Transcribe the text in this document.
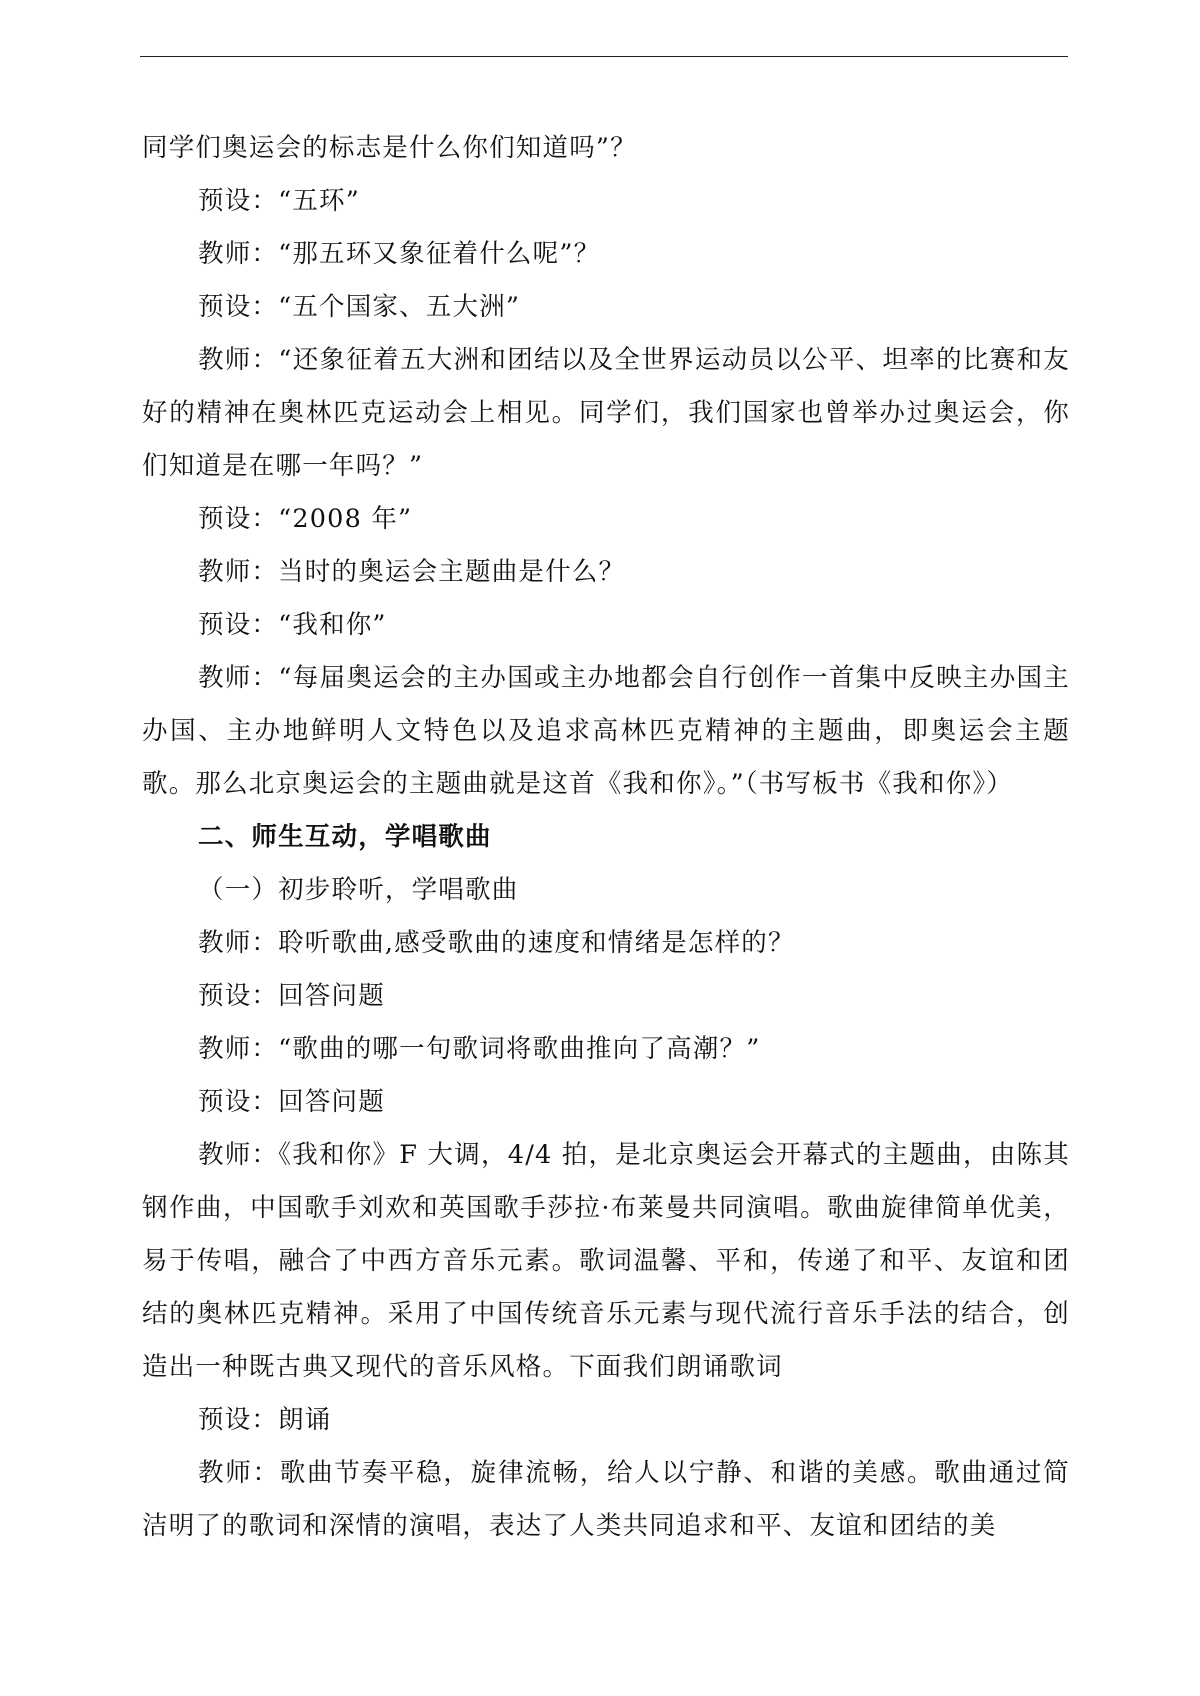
同学们奥运会的标志是什么你们知道吗”？

预设：“五环”

教师：“那五环又象征着什么呢”？

预设：“五个国家、五大洲”

教师：“还象征着五大洲和团结以及全世界运动员以公平、坦率的比赛和友好的精神在奥林匹克运动会上相见。同学们，我们国家也曾举办过奥运会，你们知道是在哪一年吗？”

预设：“2008 年”

教师：当时的奥运会主题曲是什么？

预设：“我和你”

教师：“每届奥运会的主办国或主办地都会自行创作一首集中反映主办国主办国、主办地鲜明人文特色以及追求高林匹克精神的主题曲，即奥运会主题歌。那么北京奥运会的主题曲就是这首《我和你》。”（书写板书《我和你》）

二、师生互动，学唱歌曲

（一）初步聆听，学唱歌曲

教师：聆听歌曲,感受歌曲的速度和情绪是怎样的？

预设：回答问题

教师：“歌曲的哪一句歌词将歌曲推向了高潮？”

预设：回答问题

教师：《我和你》F 大调，4/4 拍，是北京奥运会开幕式的主题曲，由陈其钢作曲，中国歌手刘欢和英国歌手莎拉·布莱曼共同演唱。歌曲旋律简单优美，易于传唱，融合了中西方音乐元素。歌词温馨、平和，传递了和平、友谊和团结的奥林匹克精神。采用了中国传统音乐元素与现代流行音乐手法的结合，创造出一种既古典又现代的音乐风格。下面我们朗诵歌词

预设：朗诵

教师：歌曲节奏平稳，旋律流畅，给人以宁静、和谐的美感。歌曲通过简洁明了的歌词和深情的演唱，表达了人类共同追求和平、友谊和团结的美
